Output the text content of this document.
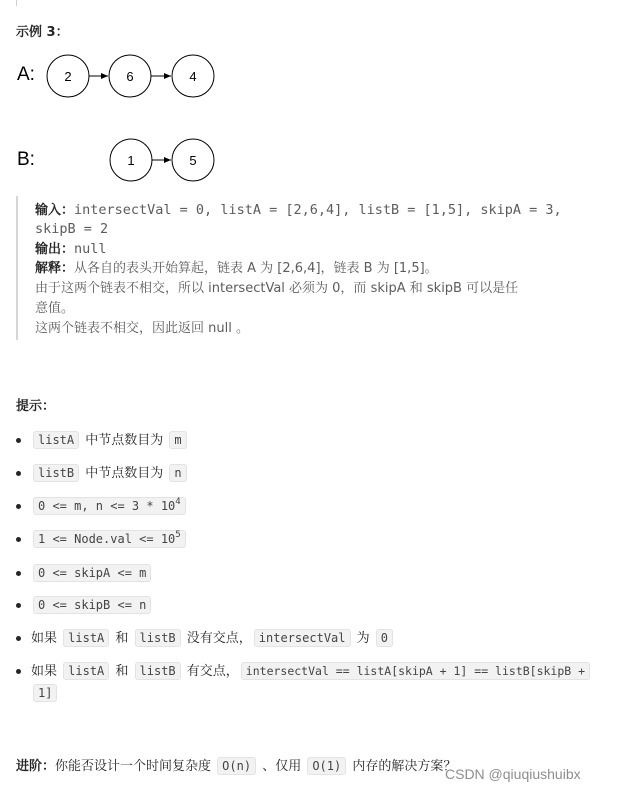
示例 3：
A:
B:
2	6	4
1	5
输入：intersectVal = 0, listA = [2,6,4], listB = [1,5], skipA = 3,
skipB = 2
输出：null
解释：从各自的表头开始算起，链表 A 为 [2,6,4]，链表 B 为 [1,5]。
由于这两个链表不相交，所以 intersectVal 必须为 0，而 skipA 和 skipB 可以是任
意值。
这两个链表不相交，因此返回 null 。
提示：
listA 中节点数目为 m
listB 中节点数目为 n
0 <= m, $n <= 3 * 10^4$
1 <= Node.val <= $10^5$
0 <= skipA <= m
0 <= skipB <= n
如果 listA 和 listB 没有交点， intersectVal 为 0
如果 listA 和 listB 有交点， intersectVal == listA[skipA + 1] == listB[skipB +
1]
进阶：你能否设计一个时间复杂度 O(n) 、仅用 O(1) 内存的解决方案？
CSDN @qiuqiushuibx
